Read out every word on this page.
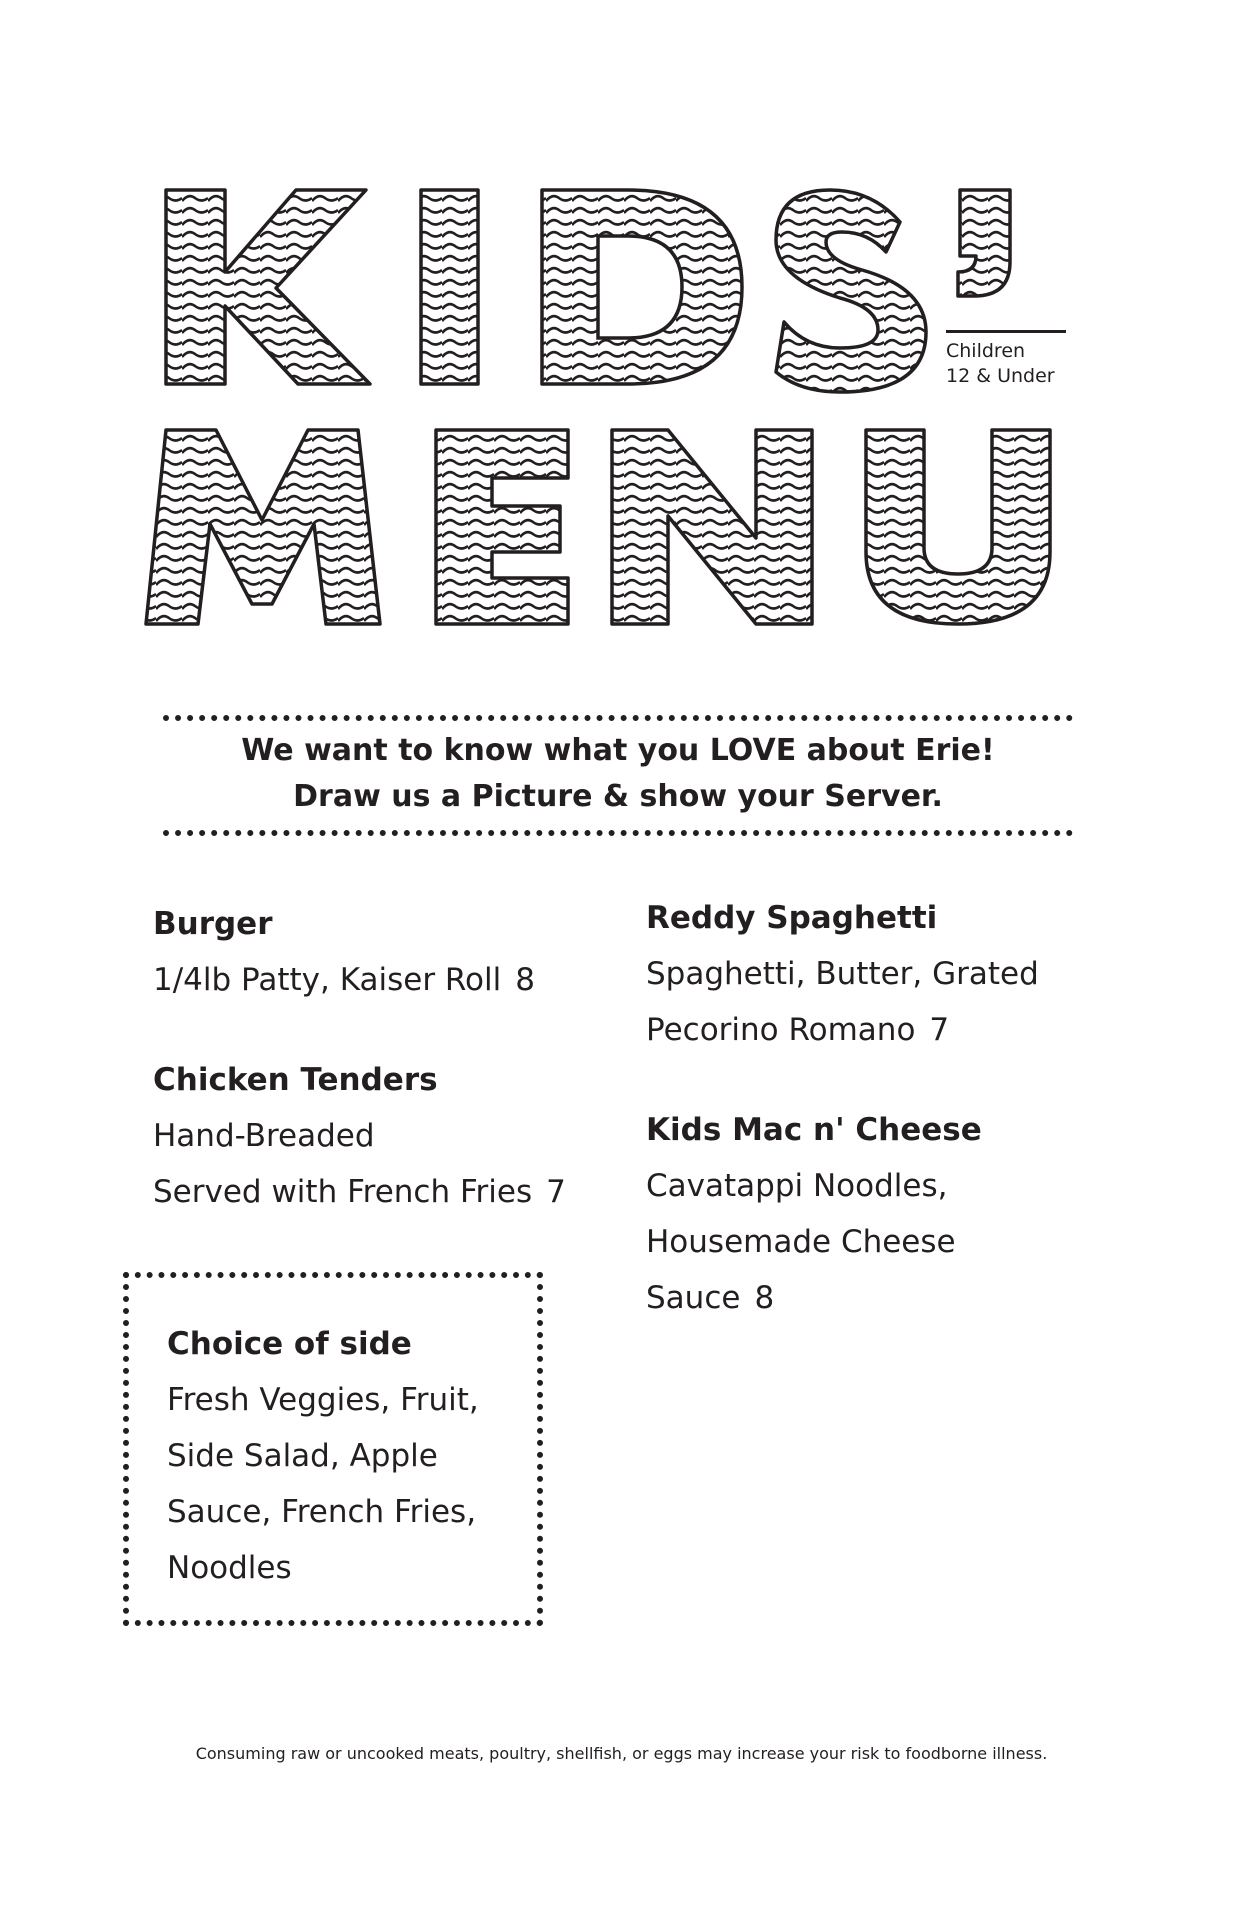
Children
12 & Under
We want to know what you LOVE about Erie!
Draw us a Picture & show your Server.
Burger
1/4lb Patty, Kaiser Roll 8
Chicken Tenders
Hand-Breaded
Served with French Fries 7
Choice of side
Fresh Veggies, Fruit,
Side Salad, Apple
Sauce, French Fries,
Noodles
Reddy Spaghetti
Spaghetti, Butter, Grated
Pecorino Romano 7
Kids Mac n' Cheese
Cavatappi Noodles,
Housemade Cheese
Sauce 8
Consuming raw or uncooked meats, poultry, shellfish, or eggs may increase your risk to foodborne illness.
